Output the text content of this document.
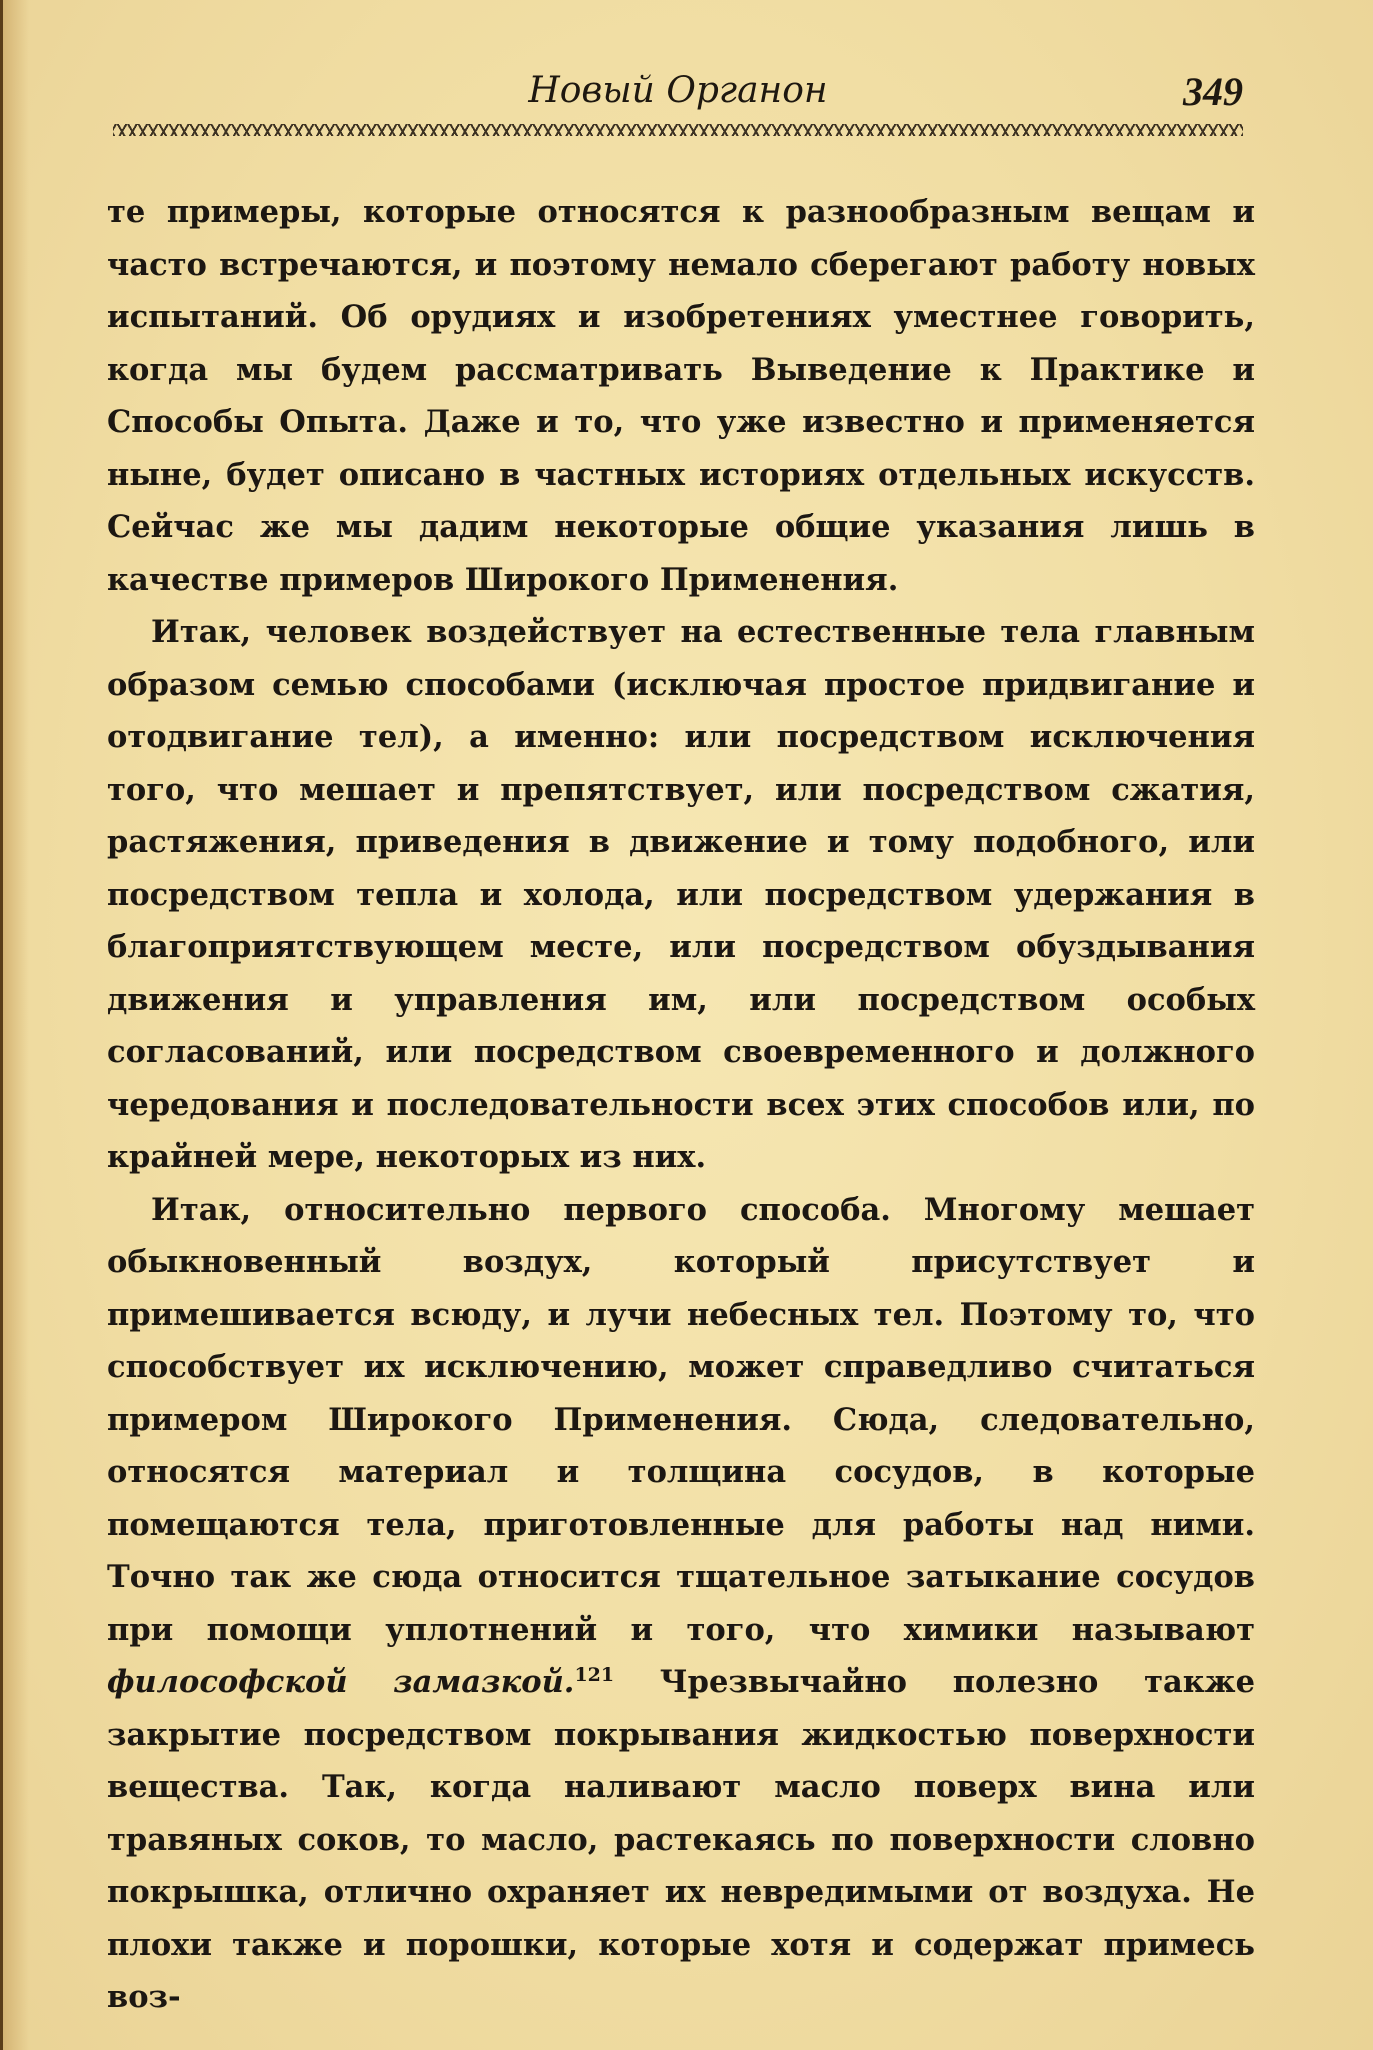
Новый Органон	349

те примеры, которые относятся к разнообразным вещам и часто встречаются, и поэтому немало сберегают работу новых испытаний. Об орудиях и изобретениях уместнее говорить, когда мы будем рассматривать Выведение к Практике и Способы Опыта. Даже и то, что уже известно и применяется ныне, будет описано в частных историях отдельных искусств. Сейчас же мы дадим некоторые общие указания лишь в качестве примеров Широкого Применения.

Итак, человек воздействует на естественные тела главным образом семью способами (исключая простое придвигание и отодвигание тел), а именно: или посредством исключения того, что мешает и препятствует, или посредством сжатия, растяжения, приведения в движение и тому подобного, или посредством тепла и холода, или посредством удержания в благоприятствующем месте, или посредством обуздывания движения и управления им, или посредством особых согласований, или посредством своевременного и должного чередования и последовательности всех этих способов или, по крайней мере, некоторых из них.

Итак, относительно первого способа. Многому мешает обыкновенный воздух, который присутствует и примешивается всюду, и лучи небесных тел. Поэтому то, что способствует их исключению, может справедливо считаться примером Широкого Применения. Сюда, следовательно, относятся материал и толщина сосудов, в которые помещаются тела, приготовленные для работы над ними. Точно так же сюда относится тщательное затыкание сосудов при помощи уплотнений и того, что химики называют философской замазкой.$^{121}$ Чрезвычайно полезно также закрытие посредством покрывания жидкостью поверхности вещества. Так, когда наливают масло поверх вина или травяных соков, то масло, растекаясь по поверхности словно покрышка, отлично охраняет их невредимыми от воздуха. Не плохи также и порошки, которые хотя и содержат примесь воз-
